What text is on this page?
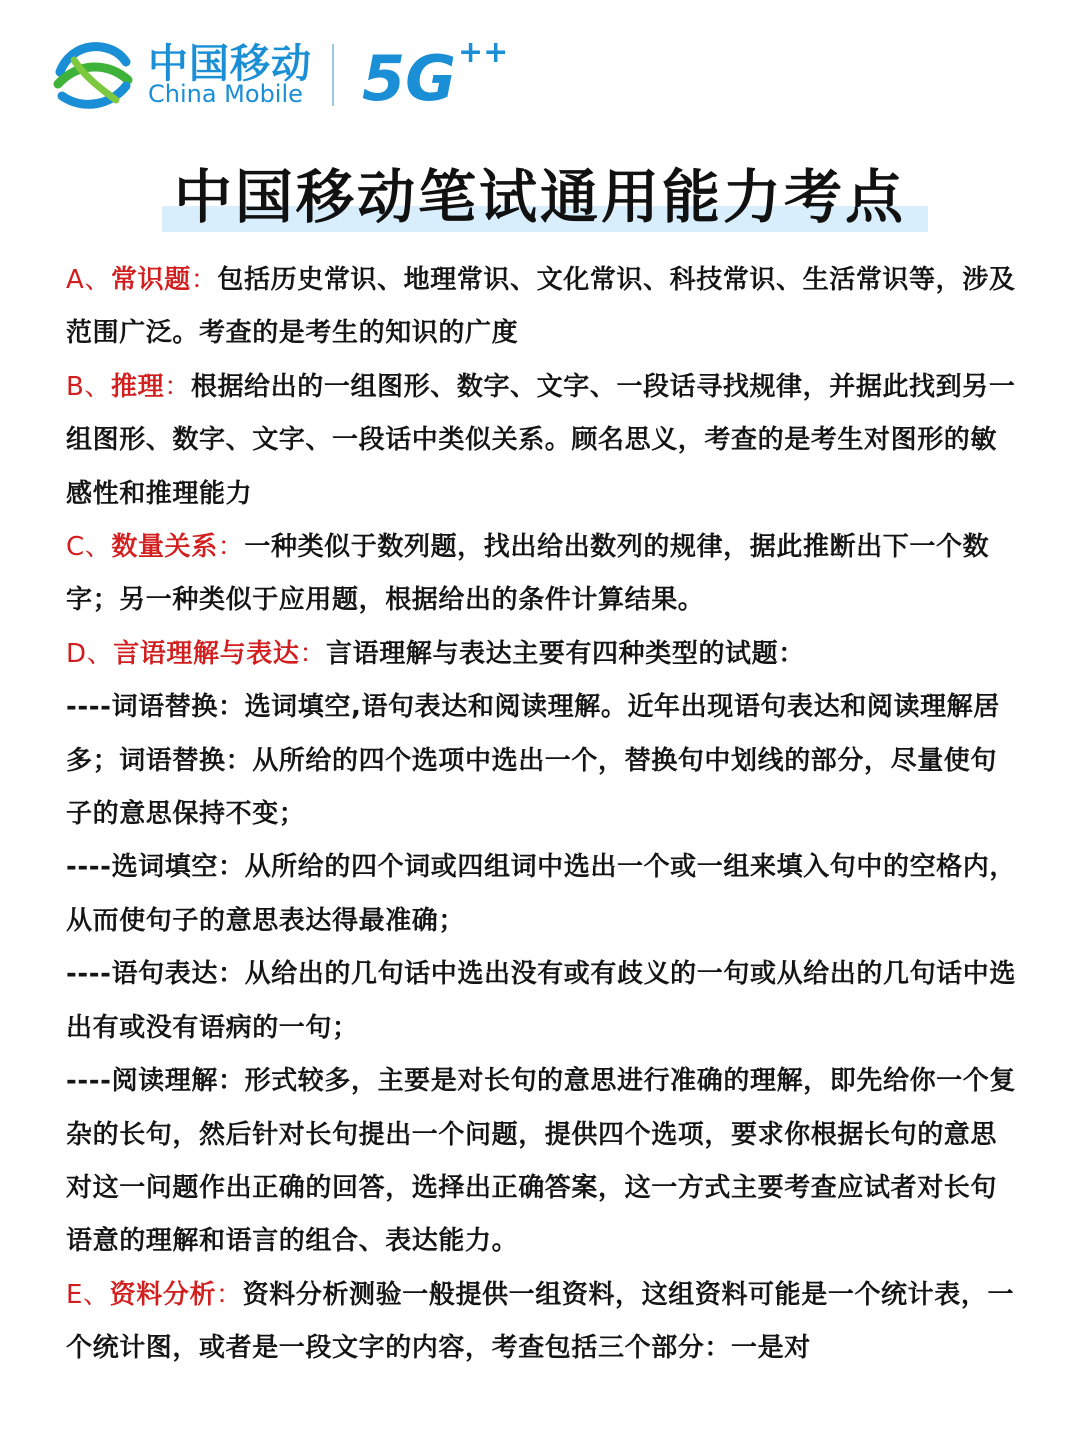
中国移动
China Mobile 5G ++
中国移动笔试通用能力考点

A、常识题：包括历史常识、地理常识、文化常识、科技常识、生活常识等，涉及范围广泛。考查的是考生的知识的广度

B、推理：根据给出的一组图形、数字、文字、一段话寻找规律，并据此找到另一组图形、数字、文字、一段话中类似关系。顾名思义，考查的是考生对图形的敏感性和推理能力

C、数量关系：一种类似于数列题，找出给出数列的规律，据此推断出下一个数字；另一种类似于应用题，根据给出的条件计算结果。

D、言语理解与表达：言语理解与表达主要有四种类型的试题：

----词语替换：选词填空,语句表达和阅读理解。近年出现语句表达和阅读理解居多；词语替换：从所给的四个选项中选出一个，替换句中划线的部分，尽量使句子的意思保持不变；

----选词填空：从所给的四个词或四组词中选出一个或一组来填入句中的空格内，从而使句子的意思表达得最准确；

----语句表达：从给出的几句话中选出没有或有歧义的一句或从给出的几句话中选出有或没有语病的一句；

----阅读理解：形式较多，主要是对长句的意思进行准确的理解，即先给你一个复杂的长句，然后针对长句提出一个问题，提供四个选项，要求你根据长句的意思对这一问题作出正确的回答，选择出正确答案，这一方式主要考查应试者对长句语意的理解和语言的组合、表达能力。

E、资料分析：资料分析测验一般提供一组资料，这组资料可能是一个统计表，一个统计图，或者是一段文字的内容，考查包括三个部分：一是对
